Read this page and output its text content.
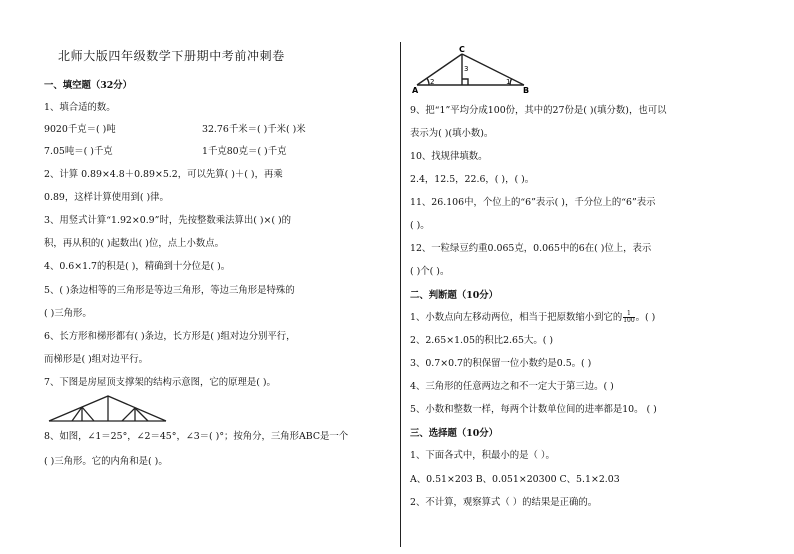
北师大版四年级数学下册期中考前冲刺卷
一、填空题（32分）
1、填合适的数。
9020千克＝( )吨	32.76千米＝( )千米( )米
7.05吨＝( )千克	1千克80克＝( )千克
2、计算 0.89×4.8＋0.89×5.2，可以先算( )＋( )，再乘
0.89，这样计算使用到( )律。
3、用竖式计算“1.92×0.9”时，先按整数乘法算出( )×( )的
积，再从积的( )起数出( )位，点上小数点。
4、0.6×1.7的积是( )，精确到十分位是( )。
5、( )条边相等的三角形是等边三角形，等边三角形是特殊的
( )三角形。
6、长方形和梯形都有( )条边，长方形是( )组对边分别平行，
而梯形是( )组对边平行。
7、下图是房屋顶支撑架的结构示意图，它的原理是( )。
8、如图，∠1＝25°，∠2＝45°，∠3＝( )°；按角分，三角形ABC是一个
( )三角形。它的内角和是( )。
C
A	B
2	1
3
9、把“1”平均分成100份，其中的27份是( )(填分数)，也可以
表示为( )(填小数)。
10、找规律填数。
2.4，12.5，22.6，( )，( )。
11、26.106中，个位上的“6”表示( )，千分位上的“6”表示
( )。
12、一粒绿豆约重0.065克，0.065中的6在( )位上，表示
( )个( )。
二、判断题（10分）
1、小数点向左移动两位，相当于把原数缩小到它的 $\frac{1}{100}$ 。( )
2、2.65×1.05的积比2.65大。( )
3、0.7×0.7的积保留一位小数约是0.5。( )
4、三角形的任意两边之和不一定大于第三边。( )
5、小数和整数一样，每两个计数单位间的进率都是10。 ( )
三、选择题（10分）
1、下面各式中，积最小的是（ ）。
A、0.51×203 B、0.051×20300 C、5.1×2.03
2、不计算，观察算式（ ）的结果是正确的。
